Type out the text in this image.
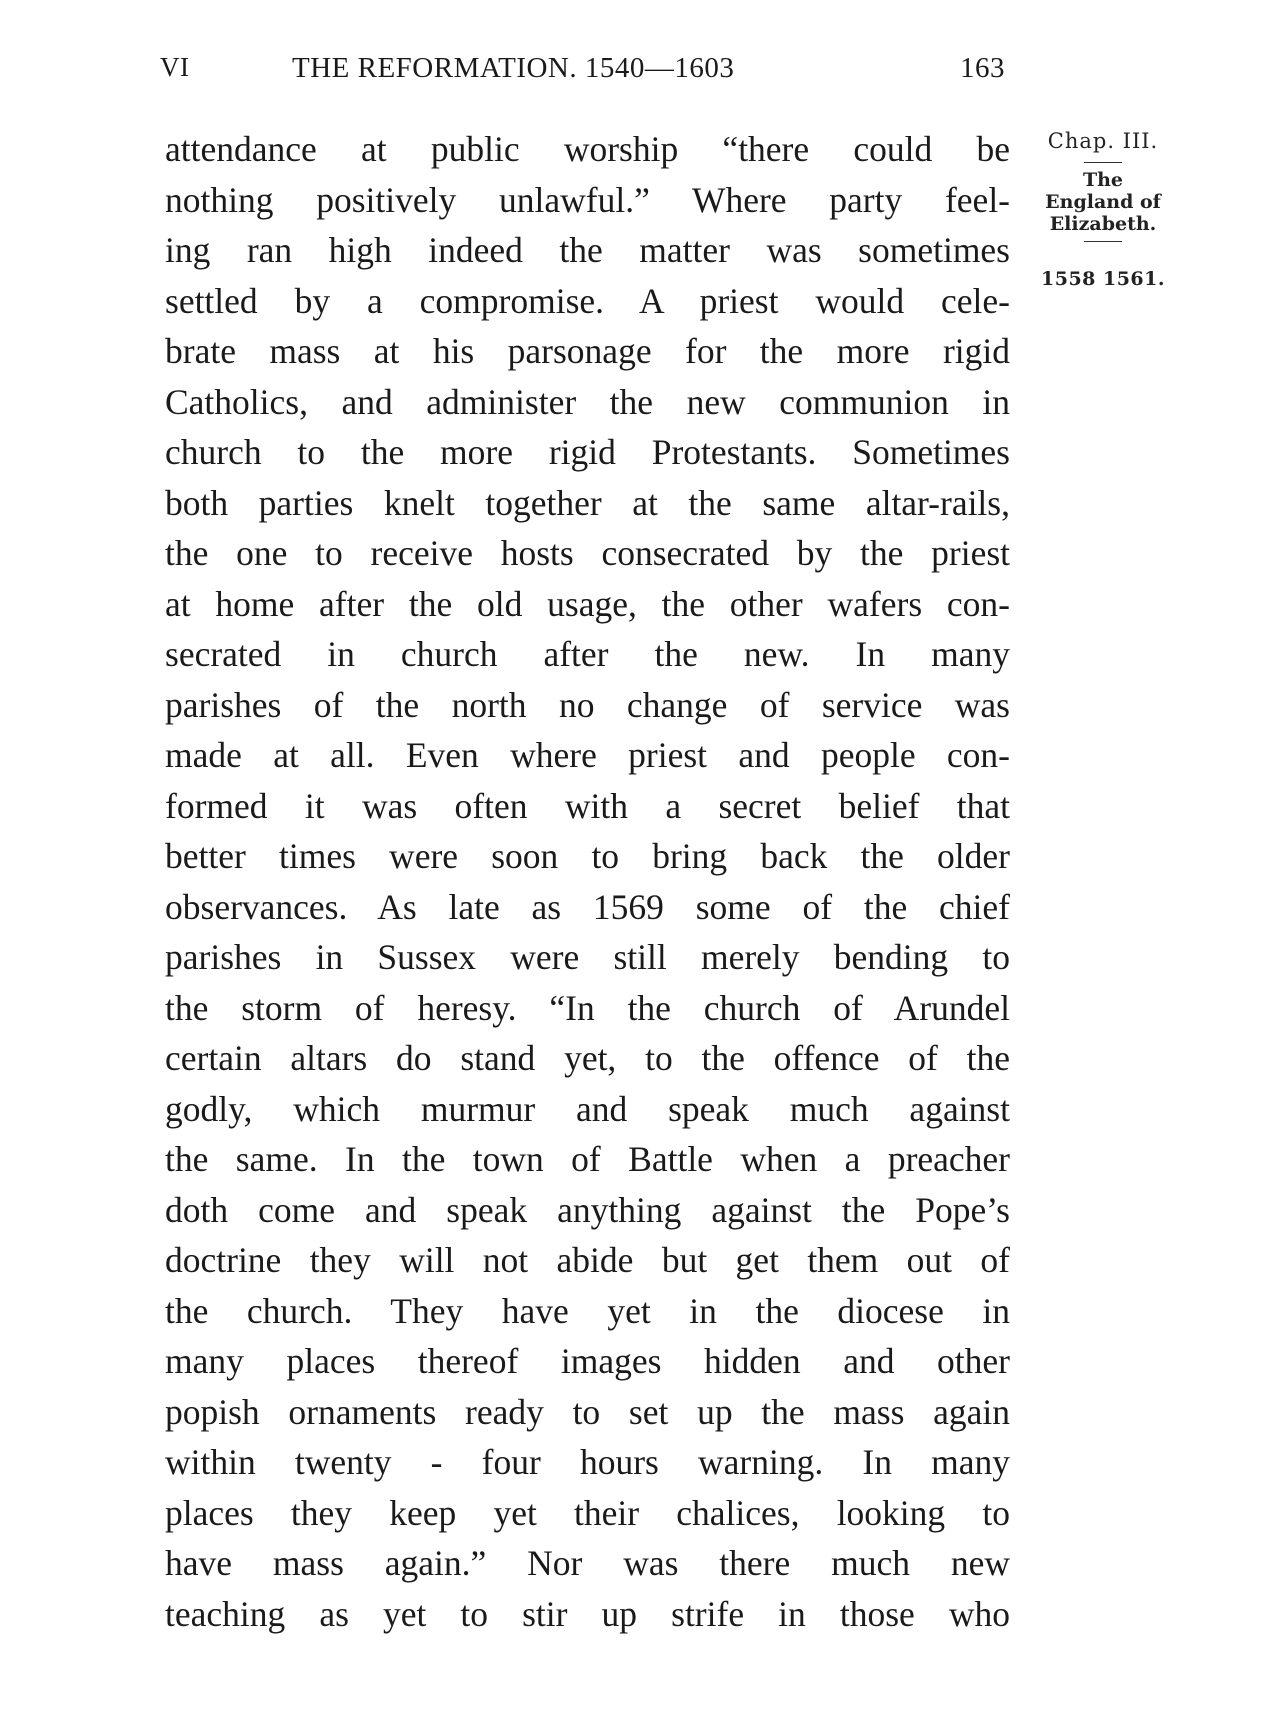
VI	THE REFORMATION. 1540—1603	163
attendance at public worship “there could be
nothing positively unlawful.” Where party feel-
ing ran high indeed the matter was sometimes
settled by a compromise. A priest would cele-
brate mass at his parsonage for the more rigid
Catholics, and administer the new communion in
church to the more rigid Protestants. Sometimes
both parties knelt together at the same altar-rails,
the one to receive hosts consecrated by the priest
at home after the old usage, the other wafers con-
secrated in church after the new. In many
parishes of the north no change of service was
made at all. Even where priest and people con-
formed it was often with a secret belief that
better times were soon to bring back the older
observances. As late as 1569 some of the chief
parishes in Sussex were still merely bending to
the storm of heresy. “In the church of Arundel
certain altars do stand yet, to the offence of the
godly, which murmur and speak much against
the same. In the town of Battle when a preacher
doth come and speak anything against the Pope’s
doctrine they will not abide but get them out of
the church. They have yet in the diocese in
many places thereof images hidden and other
popish ornaments ready to set up the mass again
within twenty - four hours warning. In many
places they keep yet their chalices, looking to
have mass again.” Nor was there much new
teaching as yet to stir up strife in those who
Chap. III.
The
England of
Elizabeth.
1558 1561.
